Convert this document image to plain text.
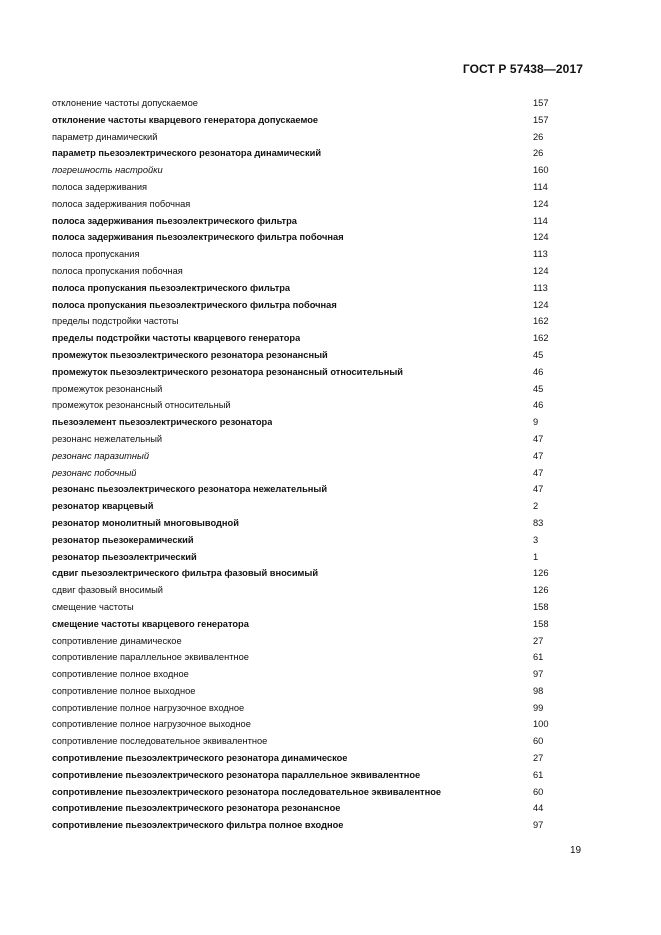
ГОСТ Р 57438—2017
отклонение частоты допускаемое	157
отклонение частоты кварцевого генератора допускаемое	157
параметр динамический	26
параметр пьезоэлектрического резонатора динамический	26
погрешность настройки	160
полоса задерживания	114
полоса задерживания побочная	124
полоса задерживания пьезоэлектрического фильтра	114
полоса задерживания пьезоэлектрического фильтра побочная	124
полоса пропускания	113
полоса пропускания побочная	124
полоса пропускания пьезоэлектрического фильтра	113
полоса пропускания пьезоэлектрического фильтра побочная	124
пределы подстройки частоты	162
пределы подстройки частоты кварцевого генератора	162
промежуток пьезоэлектрического резонатора резонансный	45
промежуток пьезоэлектрического резонатора резонансный относительный	46
промежуток резонансный	45
промежуток резонансный относительный	46
пьезоэлемент пьезоэлектрического резонатора	9
резонанс нежелательный	47
резонанс паразитный	47
резонанс побочный	47
резонанс пьезоэлектрического резонатора нежелательный	47
резонатор кварцевый	2
резонатор монолитный многовыводной	83
резонатор пьезокерамический	3
резонатор пьезоэлектрический	1
сдвиг пьезоэлектрического фильтра фазовый вносимый	126
сдвиг фазовый вносимый	126
смещение частоты	158
смещение частоты кварцевого генератора	158
сопротивление динамическое	27
сопротивление параллельное эквивалентное	61
сопротивление полное входное	97
сопротивление полное выходное	98
сопротивление полное нагрузочное входное	99
сопротивление полное нагрузочное выходное	100
сопротивление последовательное эквивалентное	60
сопротивление пьезоэлектрического резонатора динамическое	27
сопротивление пьезоэлектрического резонатора параллельное эквивалентное	61
сопротивление пьезоэлектрического резонатора последовательное эквивалентное	60
сопротивление пьезоэлектрического резонатора резонансное	44
сопротивление пьезоэлектрического фильтра полное входное	97
19
